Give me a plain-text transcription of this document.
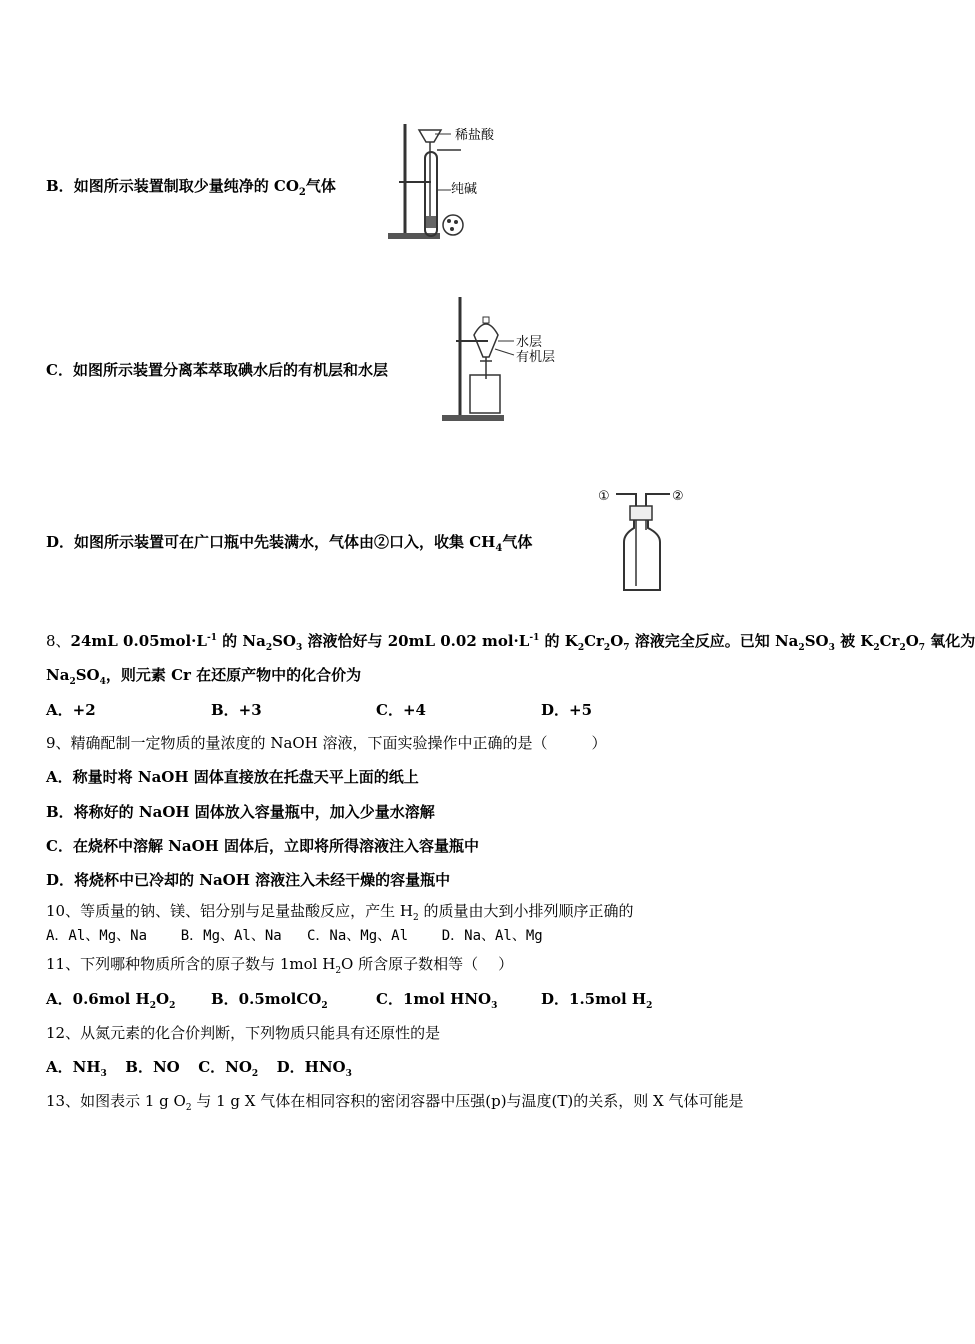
B．如图所示装置制取少量纯净的 $CO_2$气体
稀盐酸
纯碱
C．如图所示装置分离苯萃取碘水后的有机层和水层
水层
有机层
D．如图所示装置可在广口瓶中先装满水，气体由②口入，收集 $CH_4$气体
①	②
8、24mL $0.05mol\cdot L^{-1}$ 的 $Na_2SO_3$ 溶液恰好与 20mL 0.02 $mol\cdot L^{-1}$ 的 $K_2Cr_2O_7$ 溶液完全反应。已知 $Na_2SO_3$ 被 $K_2Cr_2O_7$ 氧化为
$Na_2SO_4$，则元素 Cr 在还原产物中的化合价为
A．+2	B．+3	C．+4	D．+5
9、精确配制一定物质的量浓度的 NaOH 溶液，下面实验操作中正确的是（	）
A．称量时将 NaOH 固体直接放在托盘天平上面的纸上
B．将称好的 NaOH 固体放入容量瓶中，加入少量水溶解
C．在烧杯中溶解 NaOH 固体后，立即将所得溶液注入容量瓶中
D．将烧杯中已冷却的 NaOH 溶液注入未经干燥的容量瓶中
10、等质量的钠、镁、铝分别与足量盐酸反应，产生 $H_2$ 的质量由大到小排列顺序正确的
A．Al、Mg、Na    B．Mg、Al、Na   C．Na、Mg、Al    D．Na、Al、Mg
11、下列哪种物质所含的原子数与 1mol $H_2O$ 所含原子数相等（ ）
A．0.6mol $H_2O_2$ B．0.5molCO$_2$	C．1mol $HNO_3$	D．1.5mol $H_2$
12、从氮元素的化合价判断，下列物质只能具有还原性的是
A．$NH_3$ B．NO C．$NO_2$ D．$HNO_3$
13、如图表示 1 g $O_2$ 与 1 g X 气体在相同容积的密闭容器中压强(p)与温度(T)的关系，则 X 气体可能是
